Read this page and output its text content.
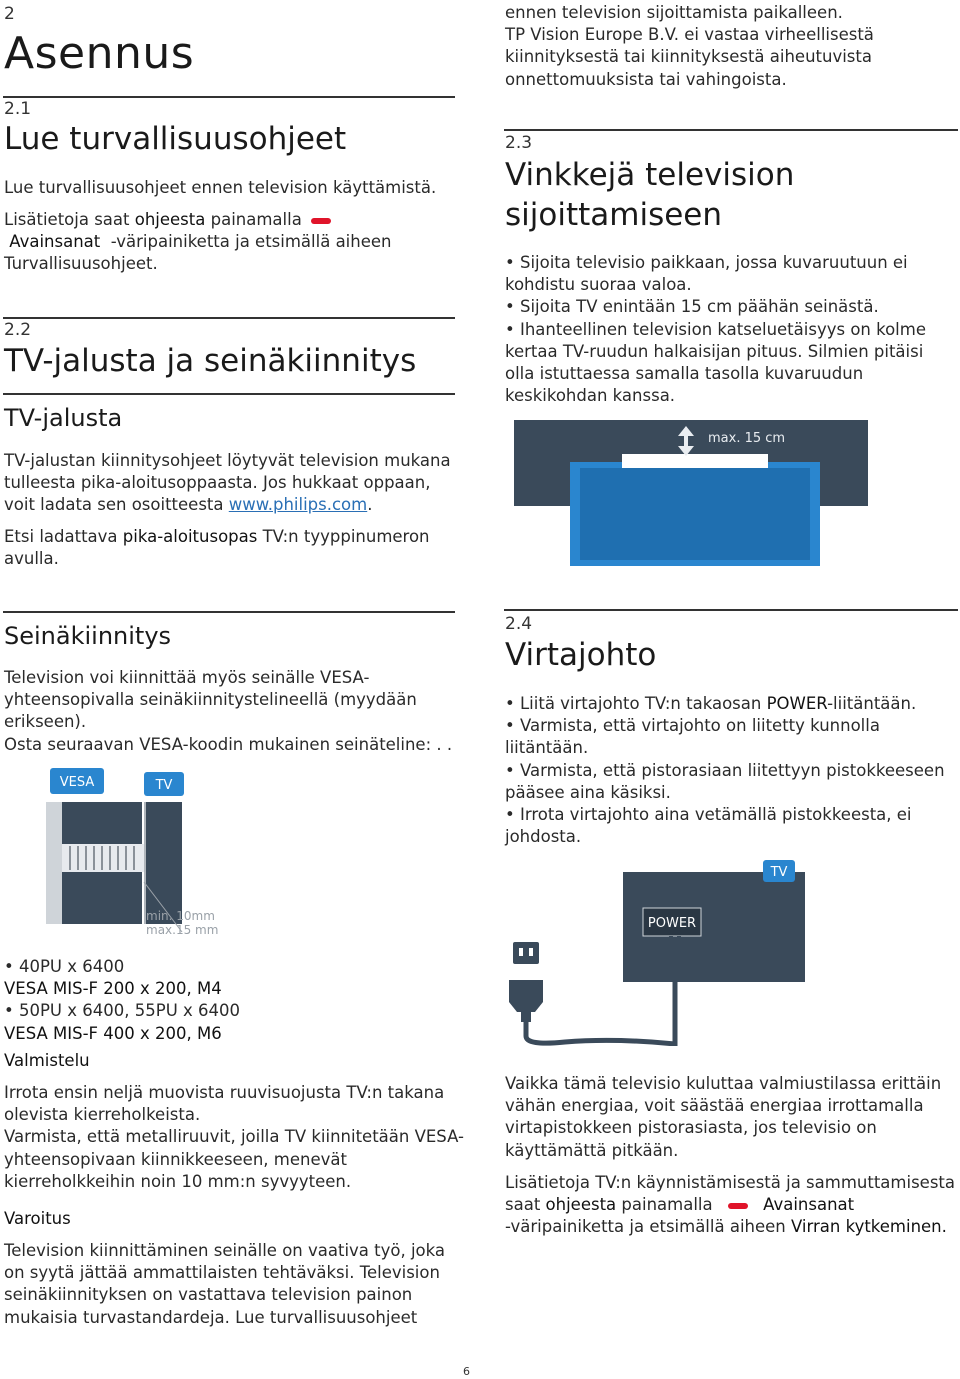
2
Asennus
2.1
Lue turvallisuusohjeet
Lue turvallisuusohjeet ennen television käyttämistä.
Lisätietoja saat ohjeesta painamalla
Avainsanat -väripainiketta ja etsimällä aiheen
Turvallisuusohjeet.
2.2
TV-jalusta ja seinäkiinnitys
TV-jalusta
TV-jalustan kiinnitysohjeet löytyvät television mukana
tulleesta pika-aloitusoppaasta. Jos hukkaat oppaan,
voit ladata sen osoitteesta www.philips.com.
Etsi ladattava pika-aloitusopas TV:n tyyppinumeron
avulla.
Seinäkiinnitys
Television voi kiinnittää myös seinälle VESA-
yhteensopivalla seinäkiinnitystelineellä (myydään
erikseen).
Osta seuraavan VESA-koodin mukainen seinäteline: . .
VESA	TV
min. 10mm
max.15 mm
• 40PU x 6400
VESA MIS-F 200 x 200, M4
• 50PU x 6400, 55PU x 6400
VESA MIS-F 400 x 200, M6
Valmistelu
Irrota ensin neljä muovista ruuvisuojusta TV:n takana
olevista kierreholkeista.
Varmista, että metalliruuvit, joilla TV kiinnitetään VESA-
yhteensopivaan kiinnikkeeseen, menevät
kierreholkkeihin noin 10 mm:n syvyyteen.
Varoitus
Television kiinnittäminen seinälle on vaativa työ, joka
on syytä jättää ammattilaisten tehtäväksi. Television
seinäkiinnityksen on vastattava television painon
mukaisia turvastandardeja. Lue turvallisuusohjeet
ennen television sijoittamista paikalleen.
TP Vision Europe B.V. ei vastaa virheellisestä
kiinnityksestä tai kiinnityksestä aiheutuvista
onnettomuuksista tai vahingoista.
2.3
Vinkkejä television
sijoittamiseen
• Sijoita televisio paikkaan, jossa kuvaruutuun ei
kohdistu suoraa valoa.
• Sijoita TV enintään 15 cm päähän seinästä.
• Ihanteellinen television katseluetäisyys on kolme
kertaa TV-ruudun halkaisijan pituus. Silmien pitäisi
olla istuttaessa samalla tasolla kuvaruudun
keskikohdan kanssa.
max. 15 cm
2.4
Virtajohto
• Liitä virtajohto TV:n takaosan POWER-liitäntään.
• Varmista, että virtajohto on liitetty kunnolla
liitäntään.
• Varmista, että pistorasiaan liitettyyn pistokkeeseen
pääsee aina käsiksi.
• Irrota virtajohto aina vetämällä pistokkeesta, ei
johdosta.
TV
POWER
Vaikka tämä televisio kuluttaa valmiustilassa erittäin
vähän energiaa, voit säästää energiaa irrottamalla
virtapistokkeen pistorasiasta, jos televisio on
käyttämättä pitkään.
Lisätietoja TV:n käynnistämisestä ja sammuttamisesta
saat ohjeesta painamalla	Avainsanat
-väripainiketta ja etsimällä aiheen Virran kytkeminen.
6
